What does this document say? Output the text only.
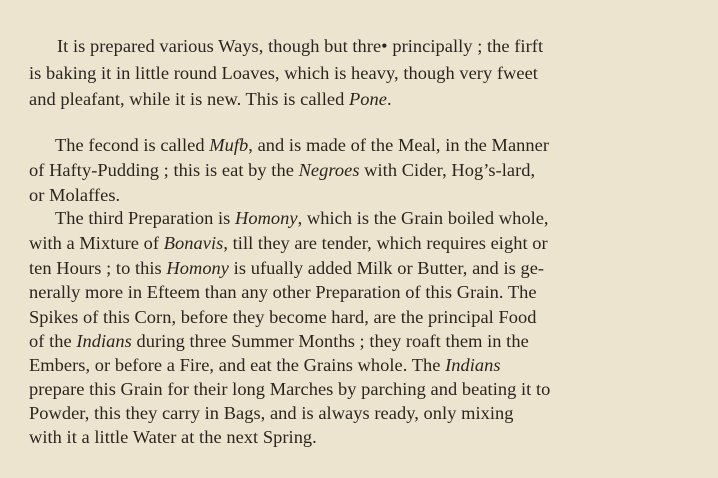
It is prepared various Ways, though but thre• principally ; the firft
is baking it in little round Loaves, which is heavy, though very fweet
and pleafant, while it is new. This is called Pone.
The fecond is called Mufb, and is made of the Meal, in the Manner
of Hafty-Pudding ; this is eat by the Negroes with Cider, Hog’s-lard,
or Molaffes.
The third Preparation is Homony, which is the Grain boiled whole,
with a Mixture of Bonavis, till they are tender, which requires eight or
ten Hours ; to this Homony is ufually added Milk or Butter, and is ge-
nerally more in Efteem than any other Preparation of this Grain. The
Spikes of this Corn, before they become hard, are the principal Food
of the Indians during three Summer Months ; they roaft them in the
Embers, or before a Fire, and eat the Grains whole. The Indians
prepare this Grain for their long Marches by parching and beating it to
Powder, this they carry in Bags, and is always ready, only mixing
with it a little Water at the next Spring.
